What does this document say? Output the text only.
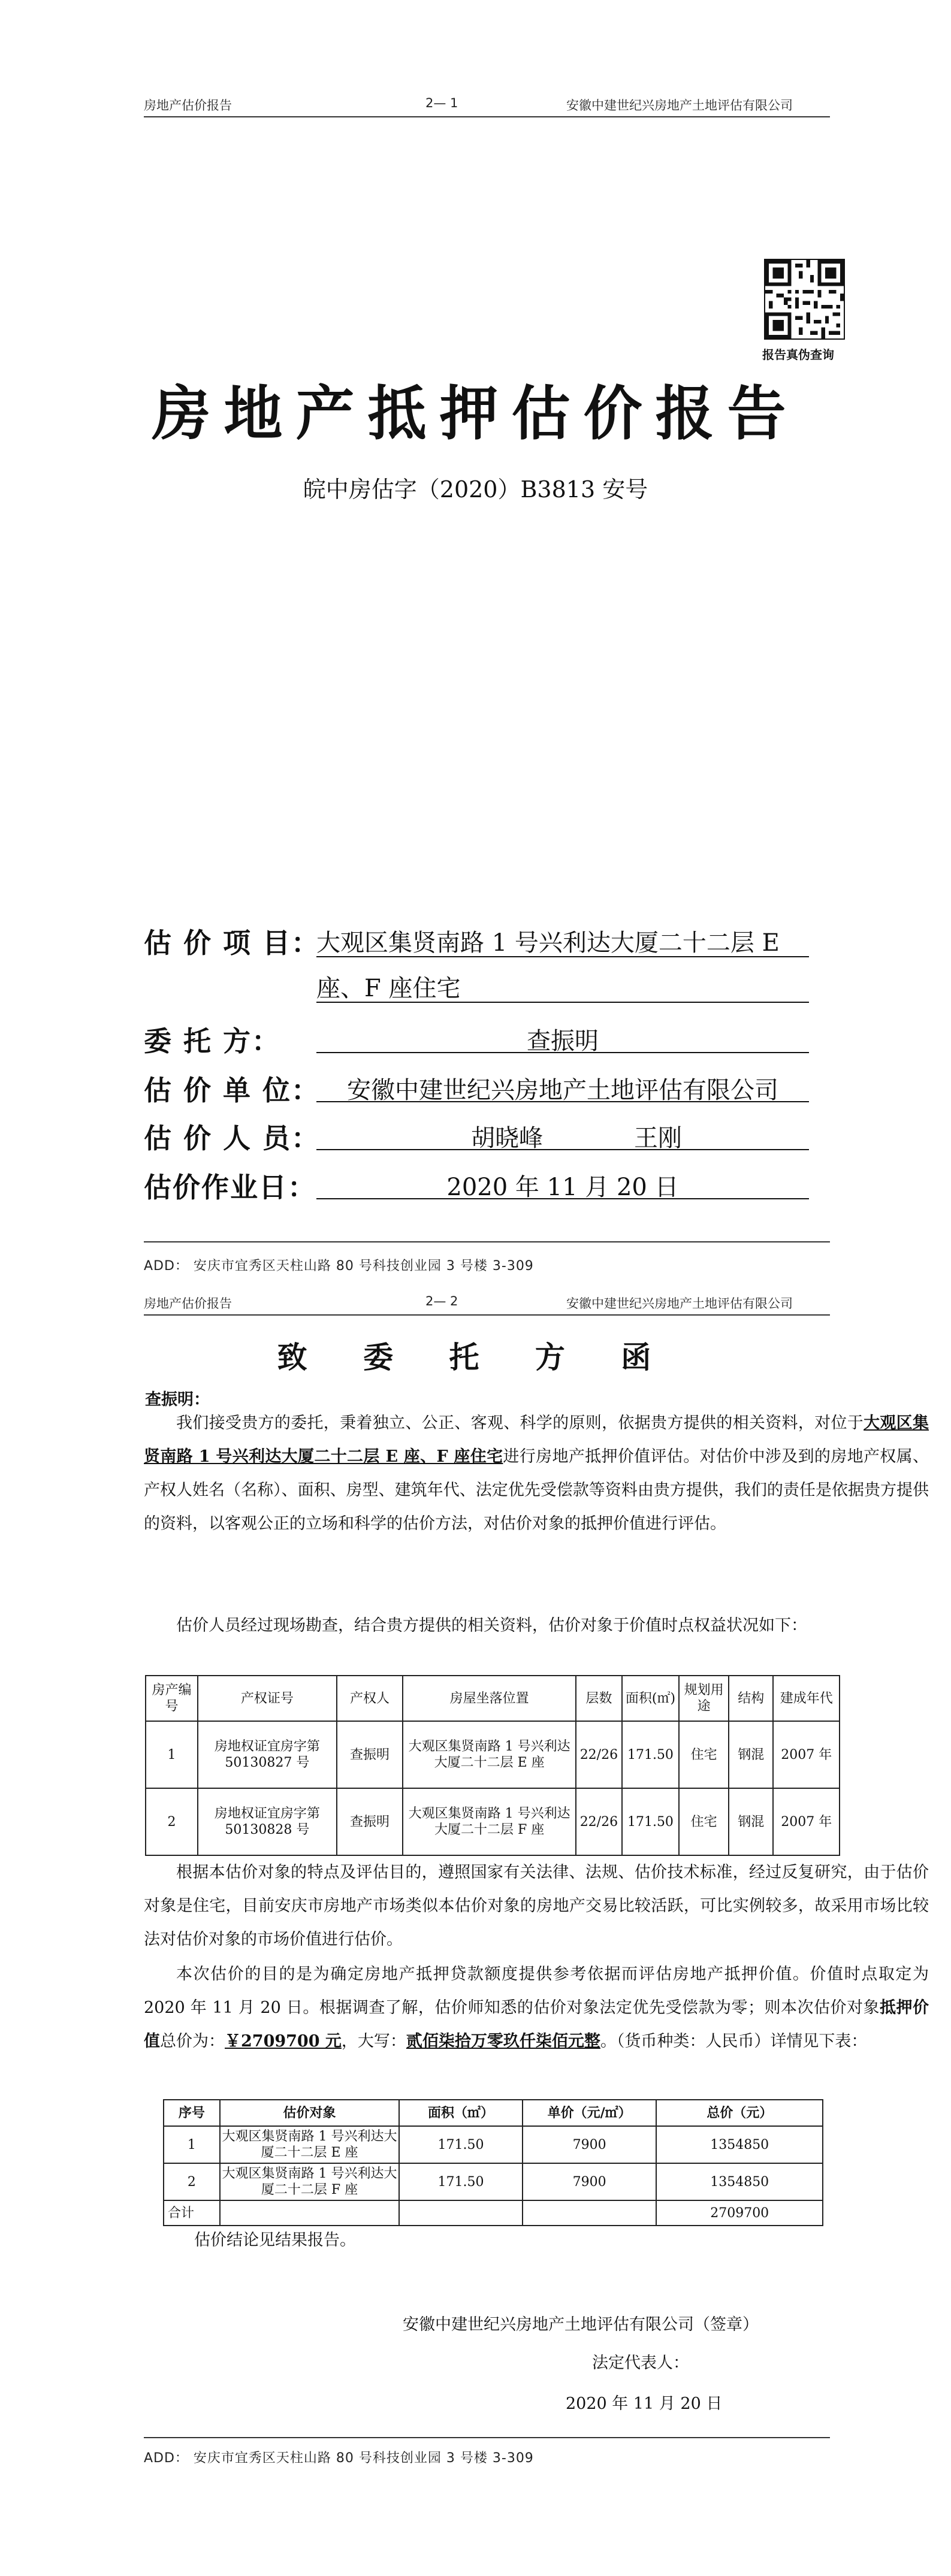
房地产估价报告	2— 1	安徽中建世纪兴房地产土地评估有限公司
报告真伪查询
房地产抵押估价报告
皖中房估字（2020）B3813 安号
估 价 项 目：
大观区集贤南路 1 号兴利达大厦二十二层 E
座、F 座住宅
委 托 方：	查振明
估 价 单 位：	安徽中建世纪兴房地产土地评估有限公司
估 价 人 员：	胡晓峰	王刚
估价作业日：	2020 年 11 月 20 日
ADD： 安庆市宜秀区天柱山路 80 号科技创业园 3 号楼 3-309
房地产估价报告	2— 2	安徽中建世纪兴房地产土地评估有限公司
致 委 托 方 函
查振明：

我们接受贵方的委托，秉着独立、公正、客观、科学的原则，依据贵方提供的相关资料，对位于大观区集贤南路 1 号兴利达大厦二十二层 E 座、F 座住宅进行房地产抵押价值评估。对估价中涉及到的房地产权属、产权人姓名（名称）、面积、房型、建筑年代、法定优先受偿款等资料由贵方提供，我们的责任是依据贵方提供的资料，以客观公正的立场和科学的估价方法，对估价对象的抵押价值进行评估。

估价人员经过现场勘查，结合贵方提供的相关资料，估价对象于价值时点权益状况如下：

房产编号	产权证号	产权人	房屋坐落位置	层数	面积(㎡)	规划用途	结构	建成年代
1	房地权证宜房字第 50130827 号	查振明	大观区集贤南路 1 号兴利达大厦二十二层 E 座	22/26	171.50	住宅	钢混	2007 年
2	房地权证宜房字第 50130828 号	查振明	大观区集贤南路 1 号兴利达大厦二十二层 F 座	22/26	171.50	住宅	钢混	2007 年

根据本估价对象的特点及评估目的，遵照国家有关法律、法规、估价技术标准，经过反复研究，由于估价对象是住宅，目前安庆市房地产市场类似本估价对象的房地产交易比较活跃，可比实例较多，故采用市场比较法对估价对象的市场价值进行估价。

本次估价的目的是为确定房地产抵押贷款额度提供参考依据而评估房地产抵押价值。价值时点取定为 2020 年 11 月 20 日。根据调查了解，估价师知悉的估价对象法定优先受偿款为零；则本次估价对象抵押价值总价为：￥2709700 元，大写：贰佰柒拾万零玖仟柒佰元整。（货币种类：人民币）详情见下表：

序号	估价对象	面积（㎡）	单价（元/㎡）	总价（元）
1	大观区集贤南路 1 号兴利达大厦二十二层 E 座	171.50	7900	1354850
2	大观区集贤南路 1 号兴利达大厦二十二层 F 座	171.50	7900	1354850
合计				2709700
估价结论见结果报告。
安徽中建世纪兴房地产土地评估有限公司（签章）
法定代表人：
2020 年 11 月 20 日
ADD： 安庆市宜秀区天柱山路 80 号科技创业园 3 号楼 3-309
